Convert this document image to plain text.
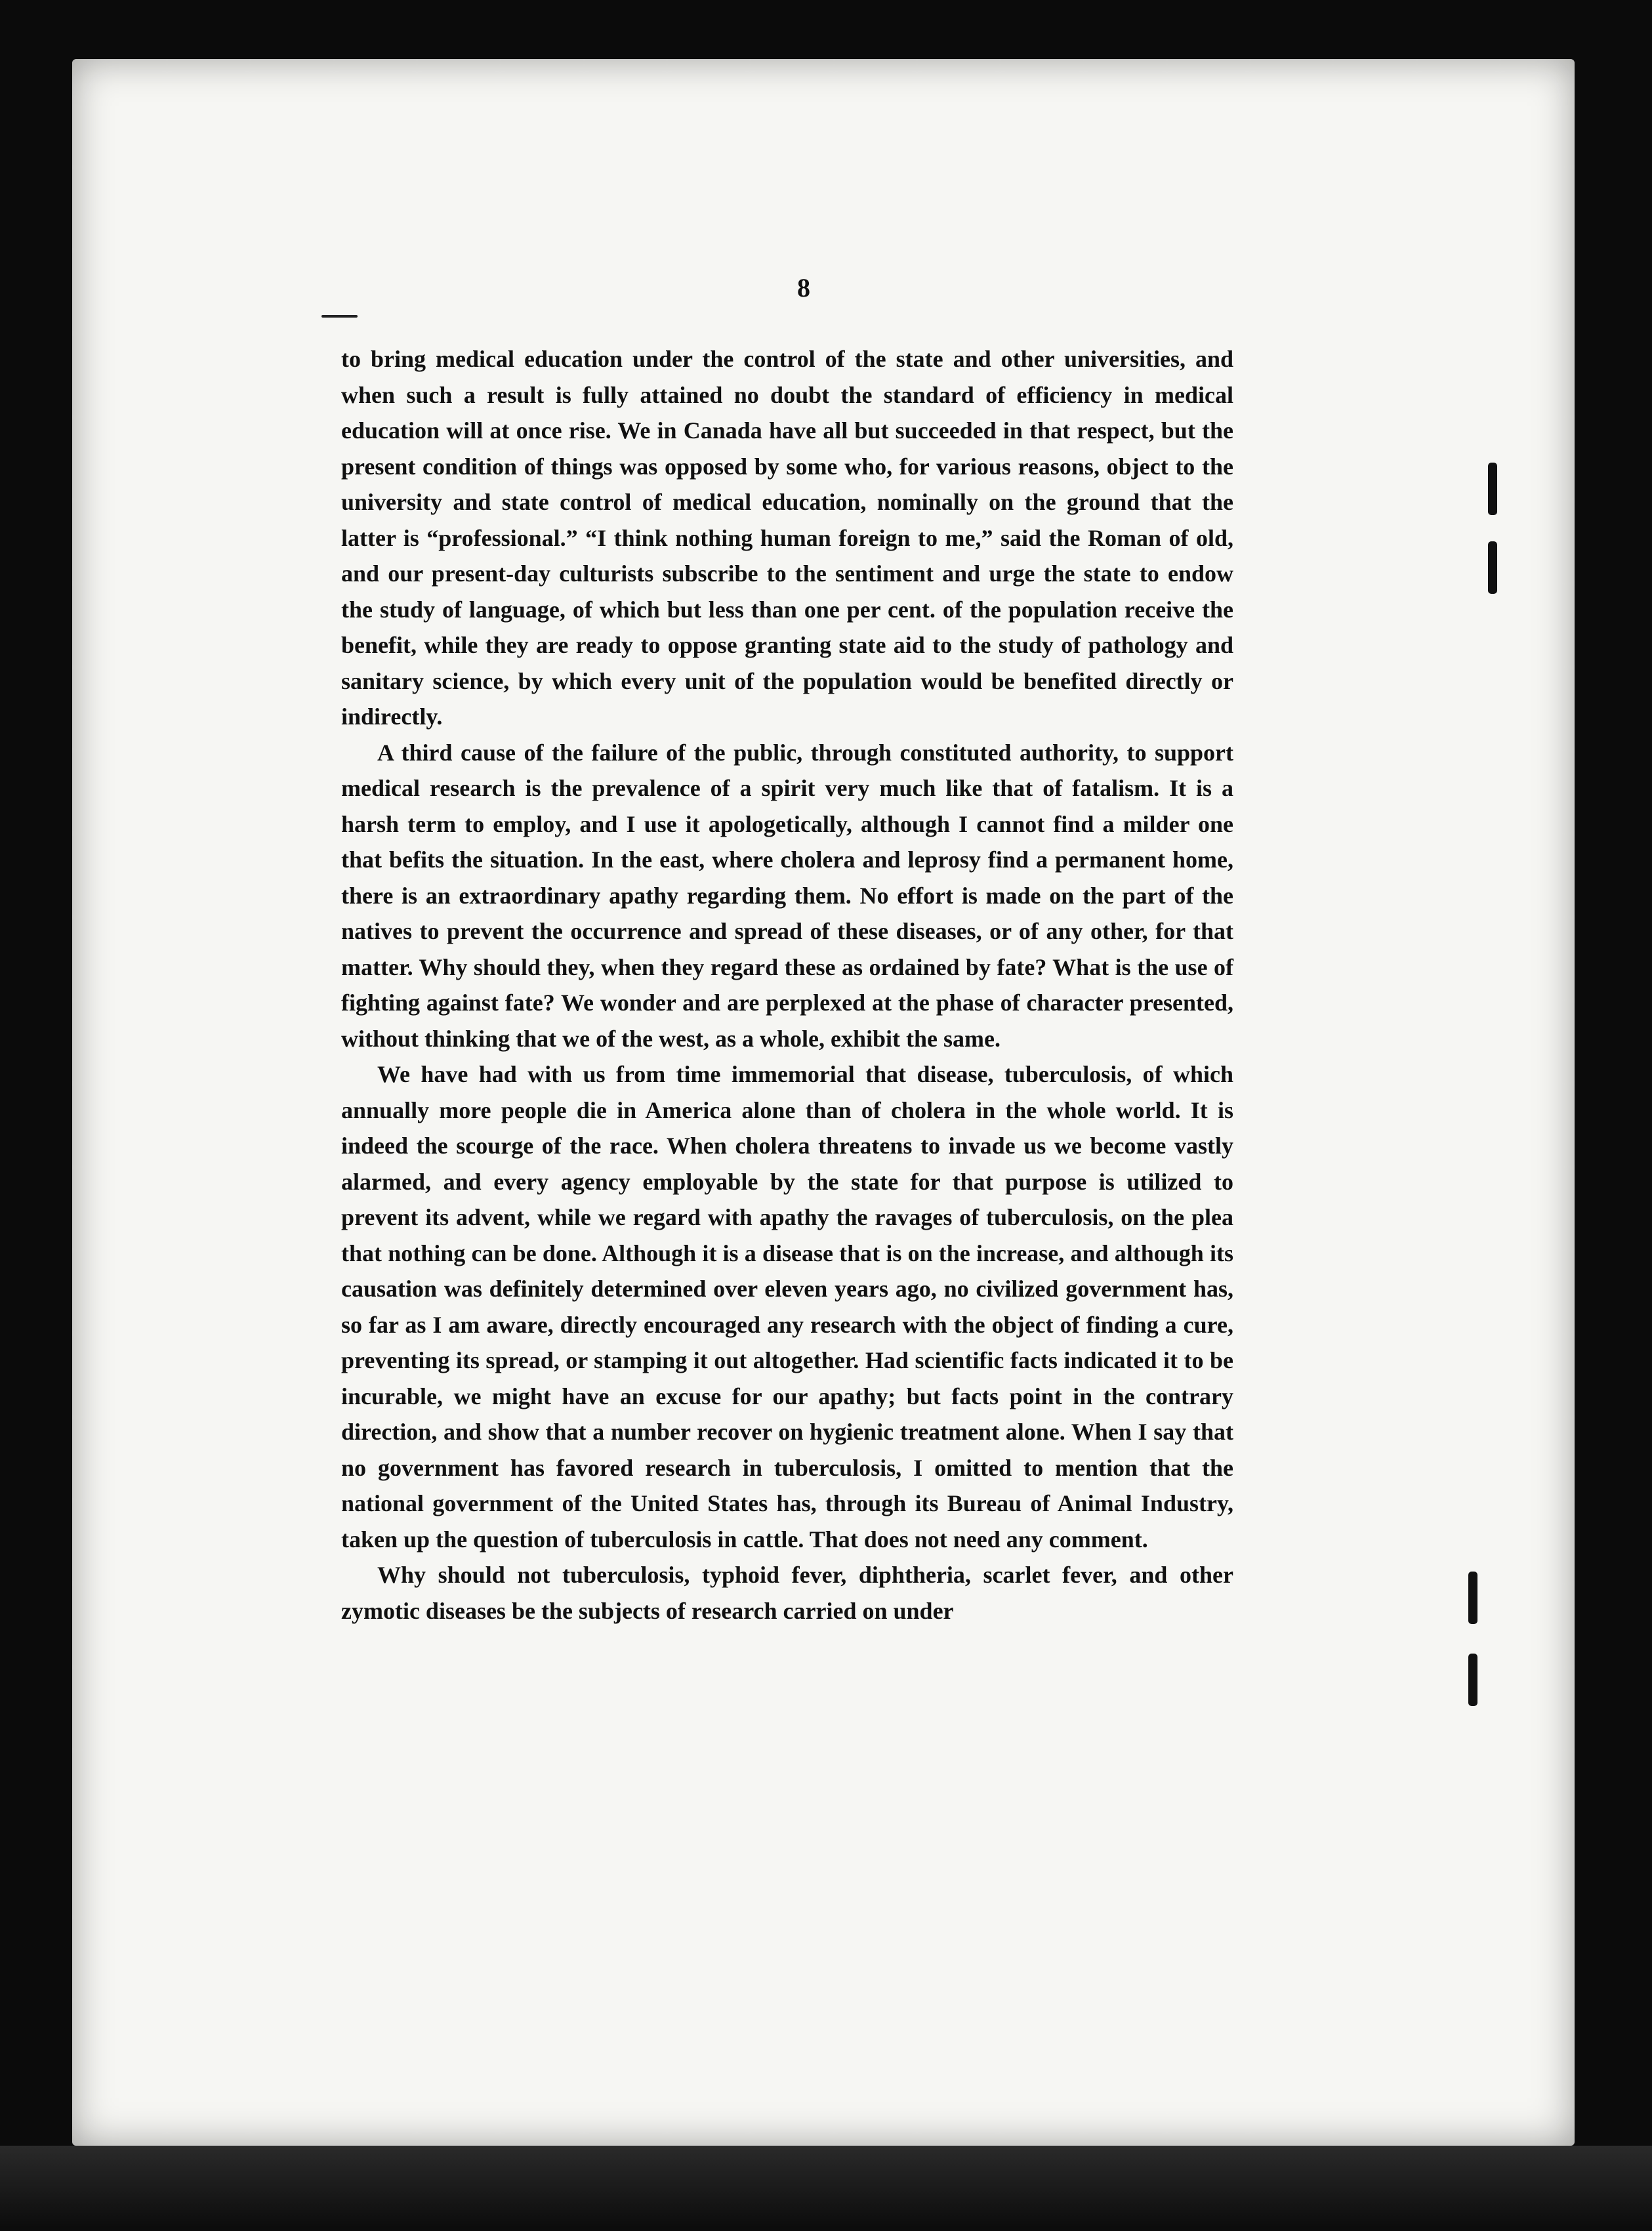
8

to bring medical education under the control of the state and other universities, and when such a result is fully attained no doubt the standard of efficiency in medical education will at once rise. We in Canada have all but succeeded in that respect, but the present condition of things was opposed by some who, for various reasons, object to the university and state control of medical education, nominally on the ground that the latter is “professional.” “I think nothing human foreign to me,” said the Roman of old, and our present-day culturists subscribe to the sentiment and urge the state to endow the study of language, of which but less than one per cent. of the population receive the benefit, while they are ready to oppose granting state aid to the study of pathology and sanitary science, by which every unit of the population would be benefited directly or indirectly.

A third cause of the failure of the public, through constituted authority, to support medical research is the prevalence of a spirit very much like that of fatalism. It is a harsh term to employ, and I use it apologetically, although I cannot find a milder one that befits the situation. In the east, where cholera and leprosy find a permanent home, there is an extraordinary apathy regarding them. No effort is made on the part of the natives to prevent the occurrence and spread of these diseases, or of any other, for that matter. Why should they, when they regard these as ordained by fate? What is the use of fighting against fate? We wonder and are perplexed at the phase of character presented, without thinking that we of the west, as a whole, exhibit the same.

We have had with us from time immemorial that disease, tuberculosis, of which annually more people die in America alone than of cholera in the whole world. It is indeed the scourge of the race. When cholera threatens to invade us we become vastly alarmed, and every agency employable by the state for that purpose is utilized to prevent its advent, while we regard with apathy the ravages of tuberculosis, on the plea that nothing can be done. Although it is a disease that is on the increase, and although its causation was definitely determined over eleven years ago, no civilized government has, so far as I am aware, directly encouraged any research with the object of finding a cure, preventing its spread, or stamping it out altogether. Had scientific facts indicated it to be incurable, we might have an excuse for our apathy; but facts point in the contrary direction, and show that a number recover on hygienic treatment alone. When I say that no government has favored research in tuberculosis, I omitted to mention that the national government of the United States has, through its Bureau of Animal Industry, taken up the question of tuberculosis in cattle. That does not need any comment.

Why should not tuberculosis, typhoid fever, diphtheria, scarlet fever, and other zymotic diseases be the subjects of research carried on under
